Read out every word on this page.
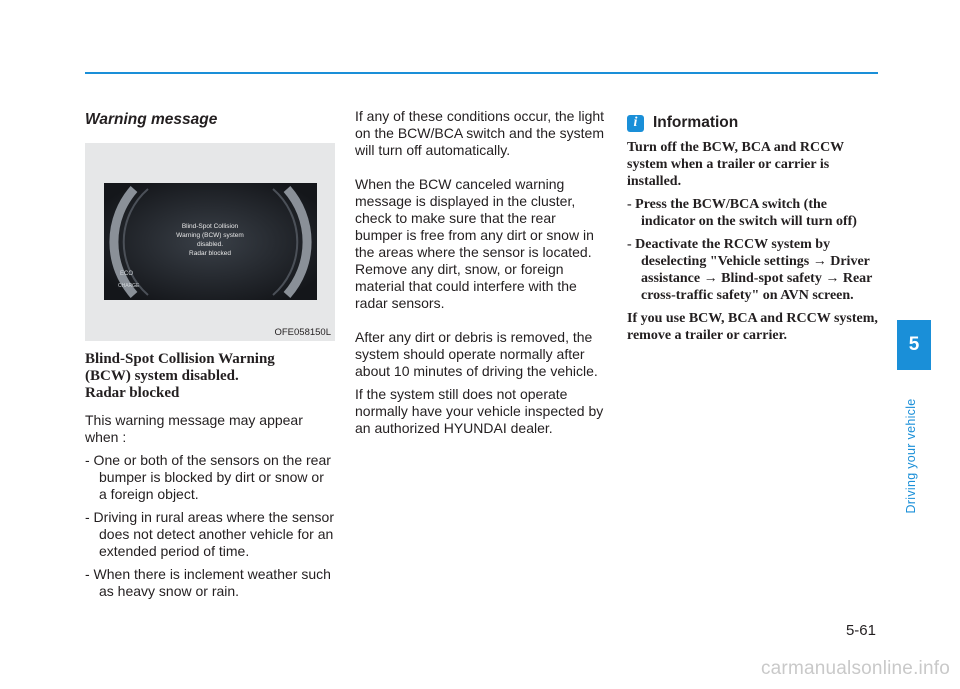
Warning message
ECO
CHARGE
Blind-Spot Collision
Warning (BCW) system
disabled.
Radar blocked
OFE058150L
Blind-Spot Collision Warning
(BCW) system disabled.
Radar blocked

This warning message may appear when :

- One or both of the sensors on the rear bumper is blocked by dirt or snow or a foreign object.

- Driving in rural areas where the sensor does not detect another vehicle for an extended period of time.

- When there is inclement weather such as heavy snow or rain.

If any of these conditions occur, the light on the BCW/BCA switch and the system will turn off automatically.

When the BCW canceled warning message is displayed in the cluster, check to make sure that the rear bumper is free from any dirt or snow in the areas where the sensor is located. Remove any dirt, snow, or foreign material that could interfere with the radar sensors.

After any dirt or debris is removed, the system should operate normally after about 10 minutes of driving the vehicle.

If the system still does not operate normally have your vehicle inspected by an authorized HYUNDAI dealer.

i	Information

Turn off the BCW, BCA and RCCW system when a trailer or carrier is installed.

- Press the BCW/BCA switch (the indicator on the switch will turn off)

- Deactivate the RCCW system by deselecting "Vehicle settings → Driver assistance → Blind-spot safety → Rear cross-traffic safety" on AVN screen.

If you use BCW, BCA and RCCW system, remove a trailer or carrier.	5
Driving your vehicle
5-61
carmanualsonline.info
